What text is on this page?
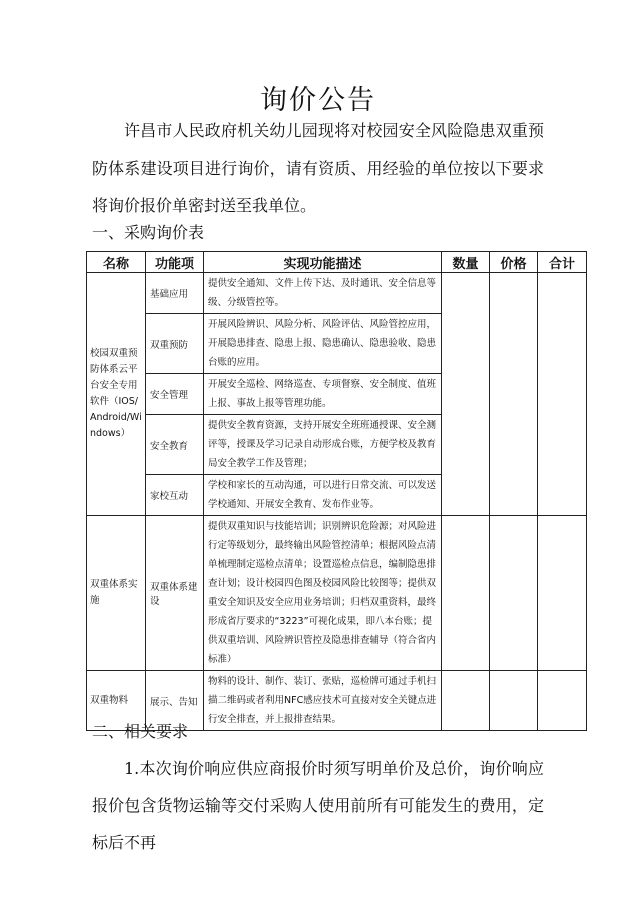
询价公告
许昌市人民政府机关幼儿园现将对校园安全风险隐患双重预防体系建设项目进行询价，请有资质、用经验的单位按以下要求将询价报价单密封送至我单位。
一、采购询价表
名称	功能项	实现功能描述	数量	价格	合计
校园双重预防体系云平台安全专用软件（IOS/Android/Windows）	基础应用	提供安全通知、文件上传下达、及时通讯、安全信息等级、分级管控等。			
	双重预防	开展风险辨识、风险分析、风险评估、风险管控应用，开展隐患排查、隐患上报、隐患确认、隐患验收、隐患台账的应用。			
	安全管理	开展安全巡检、网络巡查、专项督察、安全制度、值班上报、事故上报等管理功能。			
	安全教育	提供安全教育资源，支持开展安全班班通授课、安全测评等，授课及学习记录自动形成台账，方便学校及教育局安全教学工作及管理；			
	家校互动	学校和家长的互动沟通，可以进行日常交流、可以发送学校通知、开展安全教育、发布作业等。			
双重体系实施	双重体系建设	提供双重知识与技能培训；识别辨识危险源；对风险进行定等级划分，最终输出风险管控清单；根据风险点清单梳理制定巡检点清单；设置巡检点信息，编制隐患排查计划；设计校园四色图及校园风险比较图等；提供双重安全知识及安全应用业务培训；归档双重资料，最终形成省厅要求的“3223”可视化成果，即八本台账；提供双重培训、风险辨识管控及隐患排查辅导（符合省内标准）			
双重物料	展示、告知	物料的设计、制作、装订、张贴，巡检牌可通过手机扫描二维码或者利用NFC感应技术可直接对安全关键点进行安全排查，并上报排查结果。			
二、相关要求
1.本次询价响应供应商报价时须写明单价及总价，询价响应报价包含货物运输等交付采购人使用前所有可能发生的费用，定标后不再
